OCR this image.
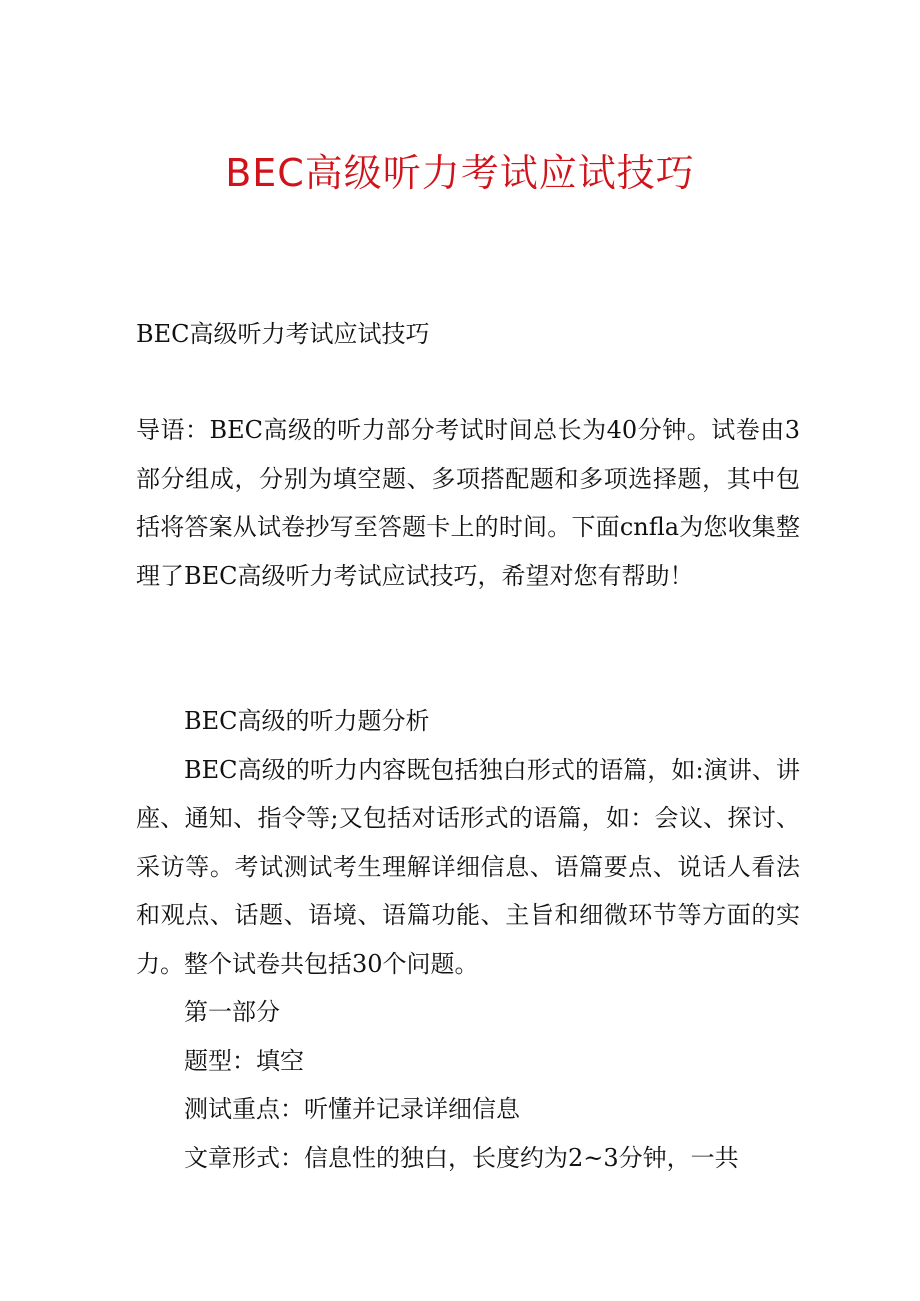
BEC高级听力考试应试技巧
BEC高级听力考试应试技巧

导语：BEC高级的听力部分考试时间总长为40分钟。试卷由3部分组成，分别为填空题、多项搭配题和多项选择题，其中包括将答案从试卷抄写至答题卡上的时间。下面cnfla为您收集整理了BEC高级听力考试应试技巧，希望对您有帮助！

BEC高级的听力题分析

BEC高级的听力内容既包括独白形式的语篇，如:演讲、讲座、通知、指令等;又包括对话形式的语篇，如：会议、探讨、采访等。考试测试考生理解详细信息、语篇要点、说话人看法和观点、话题、语境、语篇功能、主旨和细微环节等方面的实力。整个试卷共包括30个问题。

第一部分

题型：填空

测试重点：听懂并记录详细信息

文章形式：信息性的独白，长度约为2~3分钟，一共
